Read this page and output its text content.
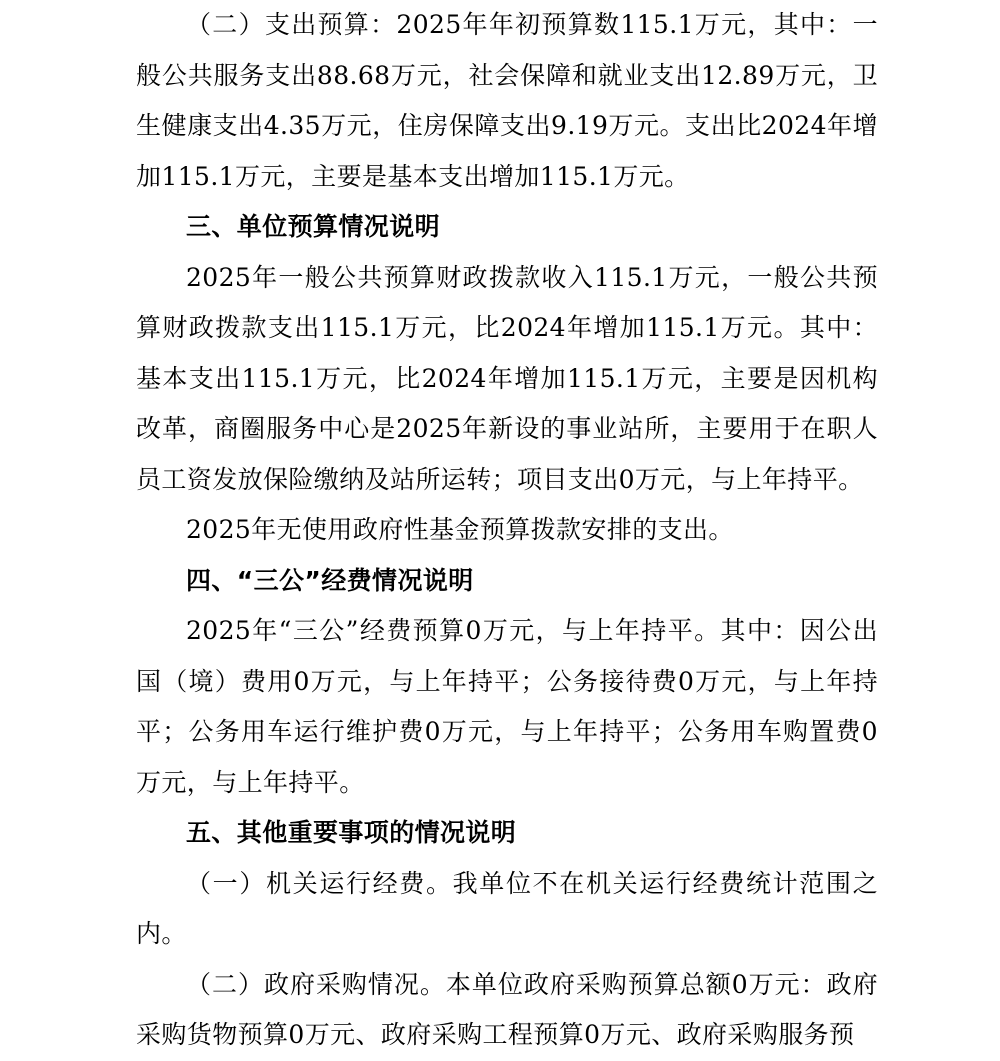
（二）支出预算：2025年年初预算数115.1万元，其中：一般公共服务支出88.68万元，社会保障和就业支出12.89万元，卫生健康支出4.35万元，住房保障支出9.19万元。支出比2024年增加115.1万元，主要是基本支出增加115.1万元。

三、单位预算情况说明

2025年一般公共预算财政拨款收入115.1万元，一般公共预算财政拨款支出115.1万元，比2024年增加115.1万元。其中：基本支出115.1万元，比2024年增加115.1万元，主要是因机构改革，商圈服务中心是2025年新设的事业站所，主要用于在职人员工资发放保险缴纳及站所运转；项目支出0万元，与上年持平。

2025年无使用政府性基金预算拨款安排的支出。

四、“三公”经费情况说明

2025年“三公”经费预算0万元，与上年持平。其中：因公出国（境）费用0万元，与上年持平；公务接待费0万元，与上年持平；公务用车运行维护费0万元，与上年持平；公务用车购置费0万元，与上年持平。

五、其他重要事项的情况说明

（一）机关运行经费。我单位不在机关运行经费统计范围之内。

（二）政府采购情况。本单位政府采购预算总额0万元：政府采购货物预算0万元、政府采购工程预算0万元、政府采购服务预
